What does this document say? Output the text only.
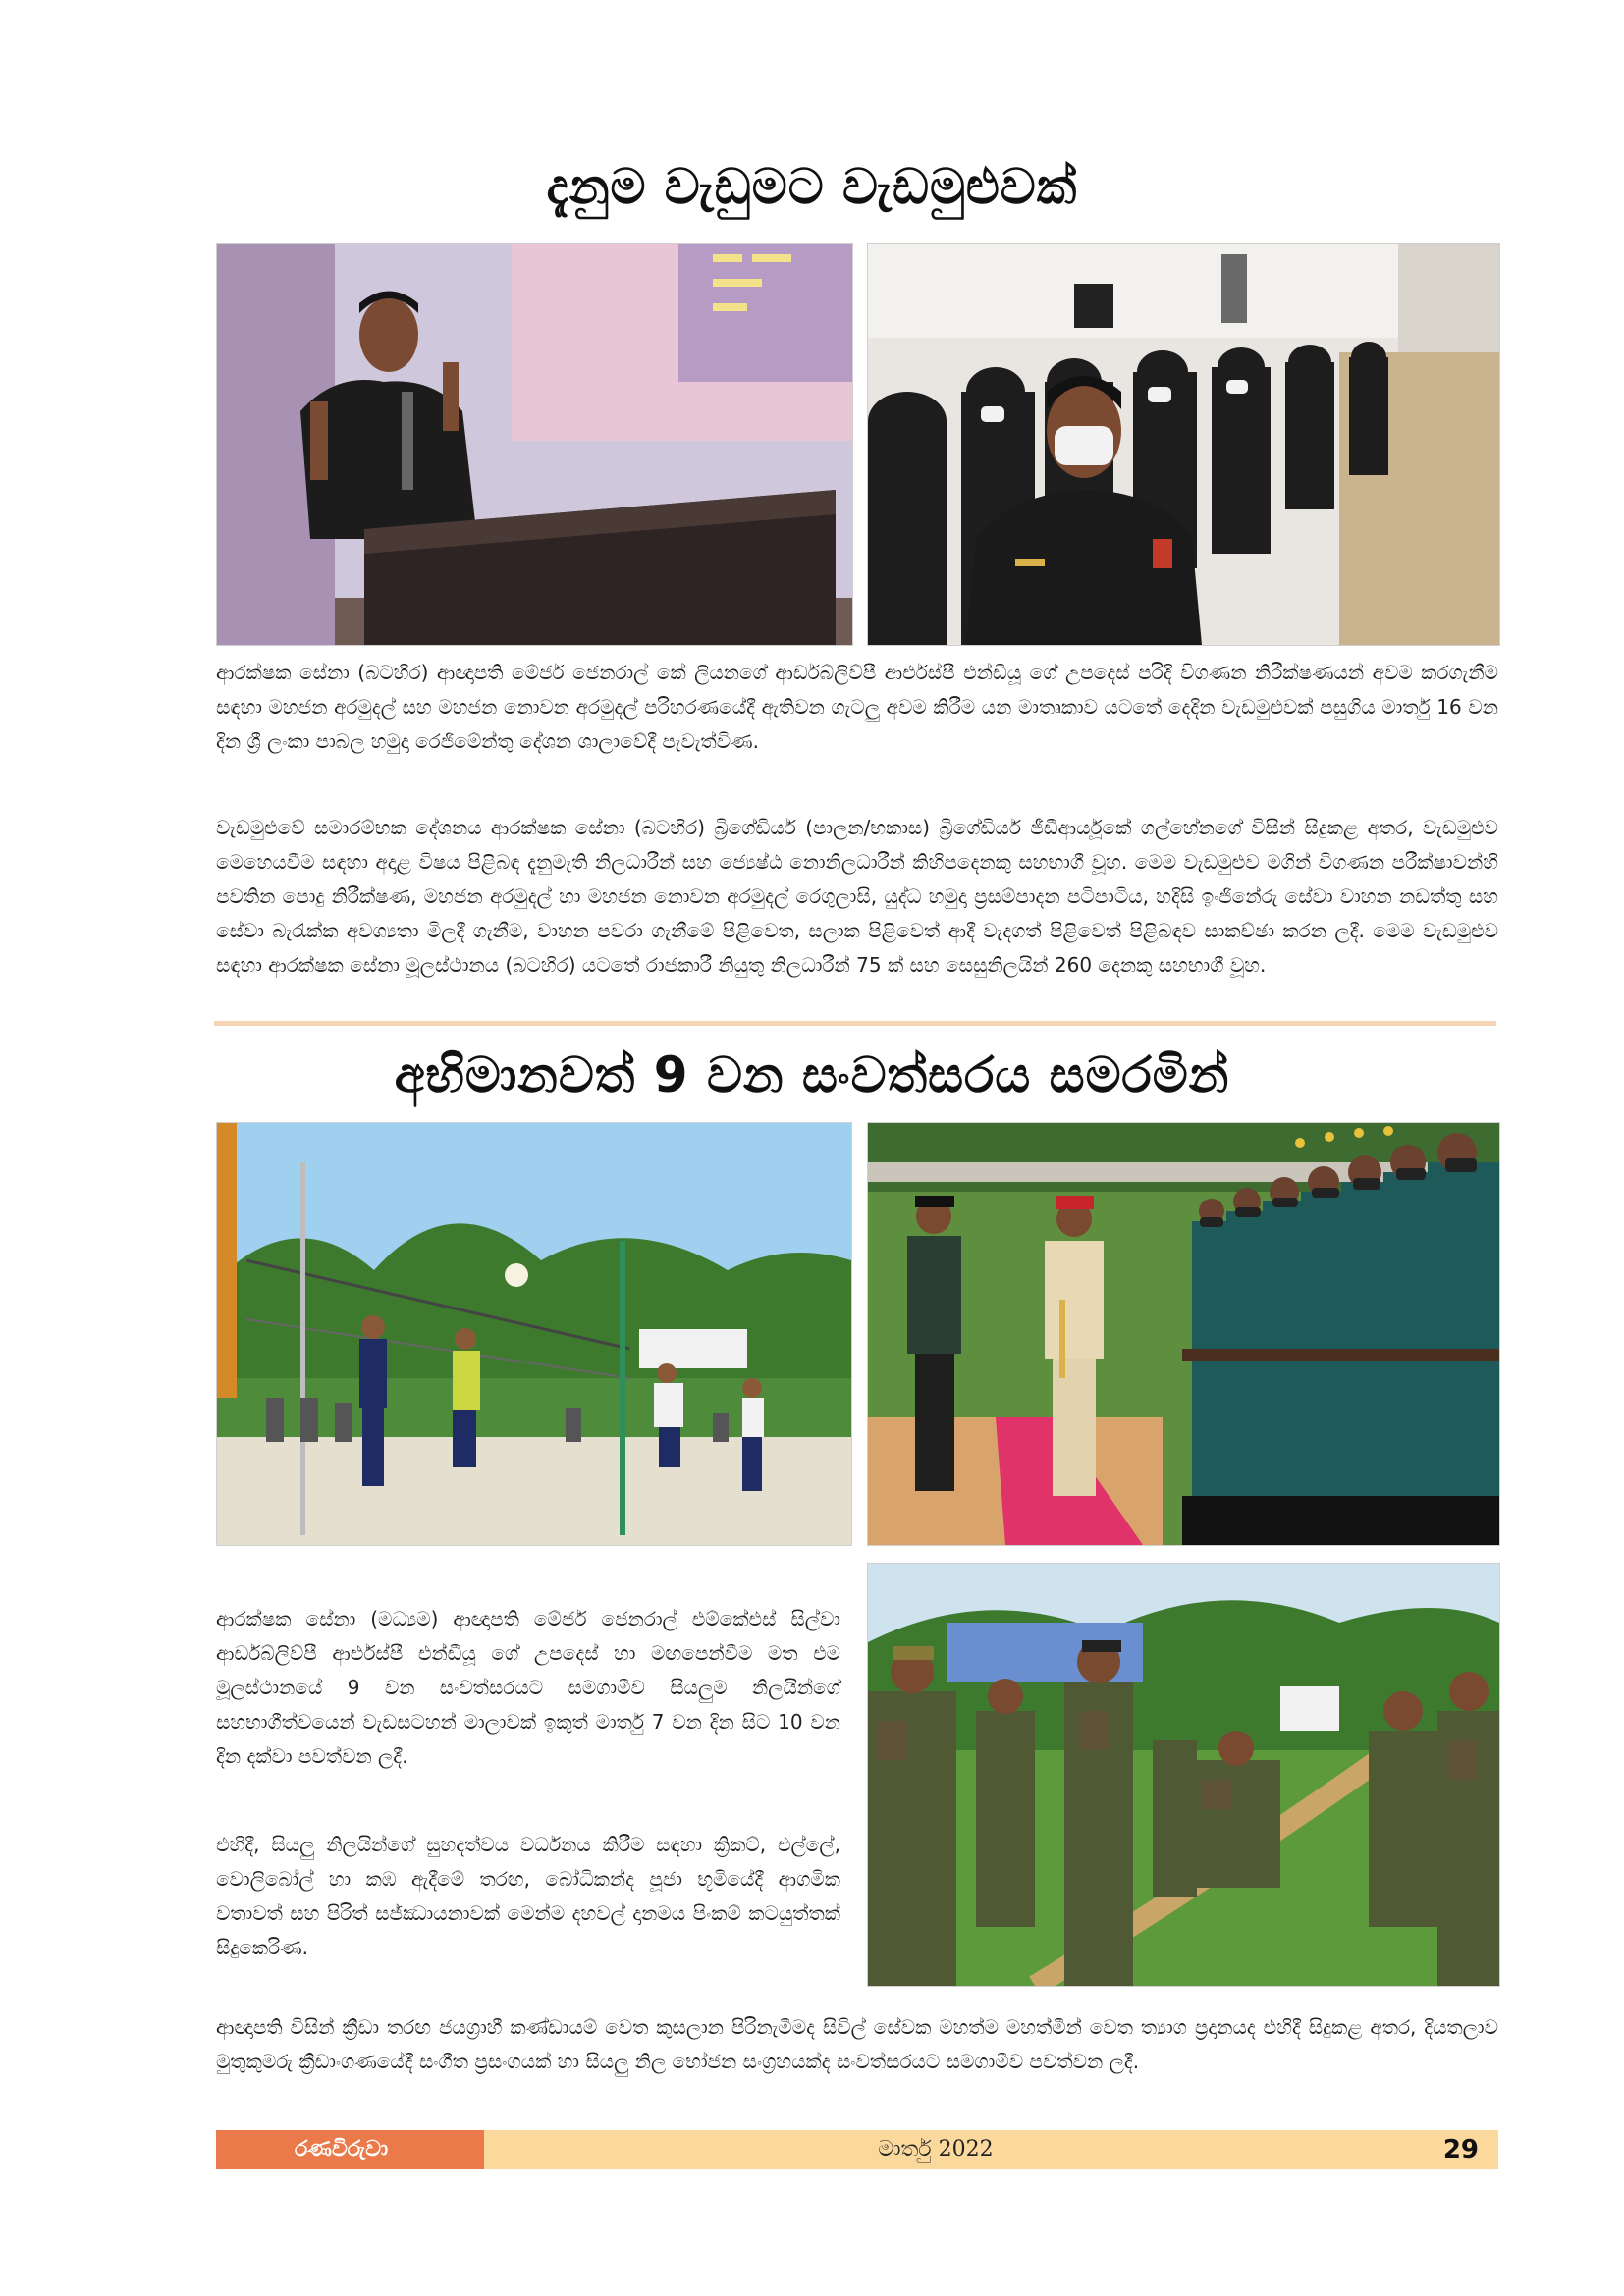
දැනුම වැඩුමට වැඩමුළුවක්
ආරක්ෂක සේනා (බටහිර) ආඥාපති මේජර් ජෙනරාල් කේ ලියනගේ ආර්ඩබ්ලිව්පී ආර්එස්පී එන්ඩීයූ ගේ උපදෙස් පරිදි විගණන නිරීක්ෂණයන් අවම කරගැනීම සඳහා මහජන අරමුදල් සහ මහජන නොවන අරමුදල් පරිහරණයේදී ඇතිවන ගැටලු අවම කිරීම යන මාතෘකාව යටතේ දෙදින වැඩමුළුවක් පසුගිය මාර්තු 16 වන දින ශ්‍රී ලංකා පාබල හමුදා රෙජිමේන්තු දේශන ශාලාවේදී පැවැත්විණ.
වැඩමුළුවේ සමාරම්භක දේශනය ආරක්ෂක සේනා (බටහිර) බ්‍රිගේඩියර් (පාලන/භකාස) බ්‍රිගේඩියර් ජීඩීආර්යූකේ ගල්හේනගේ විසින් සිදුකළ අතර, වැඩමුළුව මෙහෙයවීම සඳහා අදාළ විෂය පිළිබඳ දැනුමැති නිලධාරීන් සහ ජ්‍යෙෂ්ඨ නොනිලධාරීන් කිහිපදෙනකු සහභාගී වූහ. මෙම වැඩමුළුව මගින් විගණන පරීක්ෂාවන්හි පවතින පොදු නිරීක්ෂණ, මහජන අරමුදල් හා මහජන නොවන අරමුදල් රෙගුලාසි, යුද්ධ හමුදා ප්‍රසම්පාදන පටිපාටිය, හදිසි ඉංජිනේරු සේවා වාහන නඩත්තු සහ සේවා බැරැක්ක අවශ්‍යතා මිලදී ගැනීම, වාහන පවරා ගැනීමේ පිළිවෙත, සලාක පිළිවෙත් ආදී වැදගත් පිළිවෙත් පිළිබඳව සාකච්ඡා කරන ලදී. මෙම වැඩමුළුව සඳහා ආරක්ෂක සේනා මූලස්ථානය (බටහිර) යටතේ රාජකාරී නියුතු නිලධාරීන් 75 ක් සහ සෙසුනිලයින් 260 දෙනකු සහභාගී වූහ.
අභිමානවත් 9 වන සංවත්සරය සමරමින්
ආරක්ෂක සේනා (මධ්‍යම) ආඥාපති මේජර් ජෙනරාල් එම්කේඑස් සිල්වා ආර්ඩබ්ලිව්පී ආර්එස්පී එන්ඩීයූ ගේ උපදෙස් හා මඟපෙන්වීම මත එම මූලස්ථානයේ 9 වන සංවත්සරයට සමගාමීව සියලුම නිලයින්ගේ සහභාගීත්වයෙන් වැඩසටහන් මාලාවක් ඉකුත් මාර්තු 7 වන දින සිට 10 වන දින දක්වා පවත්වන ලදී.
එහිදී, සියලු නිලයින්ගේ සුහදත්වය වර්ධනය කිරීම සඳහා ක්‍රිකට්, එල්ලේ, වොලිබෝල් හා කඹ ඇදීමේ තරඟ, බෝධිකන්ද පූජා භූමියේදී ආගමික වතාවත් සහ පිරිත් සජ්ඣායනාවක් මෙන්ම දහවල් දානමය පිංකම් කටයුත්තක් සිදුකෙරිණ.
ආඥාපති විසින් ක්‍රීඩා තරඟ ජයග්‍රාහී කණ්ඩායම් වෙත කුසලාන පිරිනැමීමද සිවිල් සේවක මහත්ම මහත්මීන් වෙත ත්‍යාග ප්‍රදානයද එහිදී සිදුකළ අතර, දියතලාව මුතුකුමරු ක්‍රීඩාංගණයේදී සංගීත ප්‍රසංගයක් හා සියලු නිල භෝජන සංග්‍රහයක්ද සංවත්සරයට සමගාමීව පවත්වන ලදී.
රණවිරුවා	මාර්තු 2022	29
